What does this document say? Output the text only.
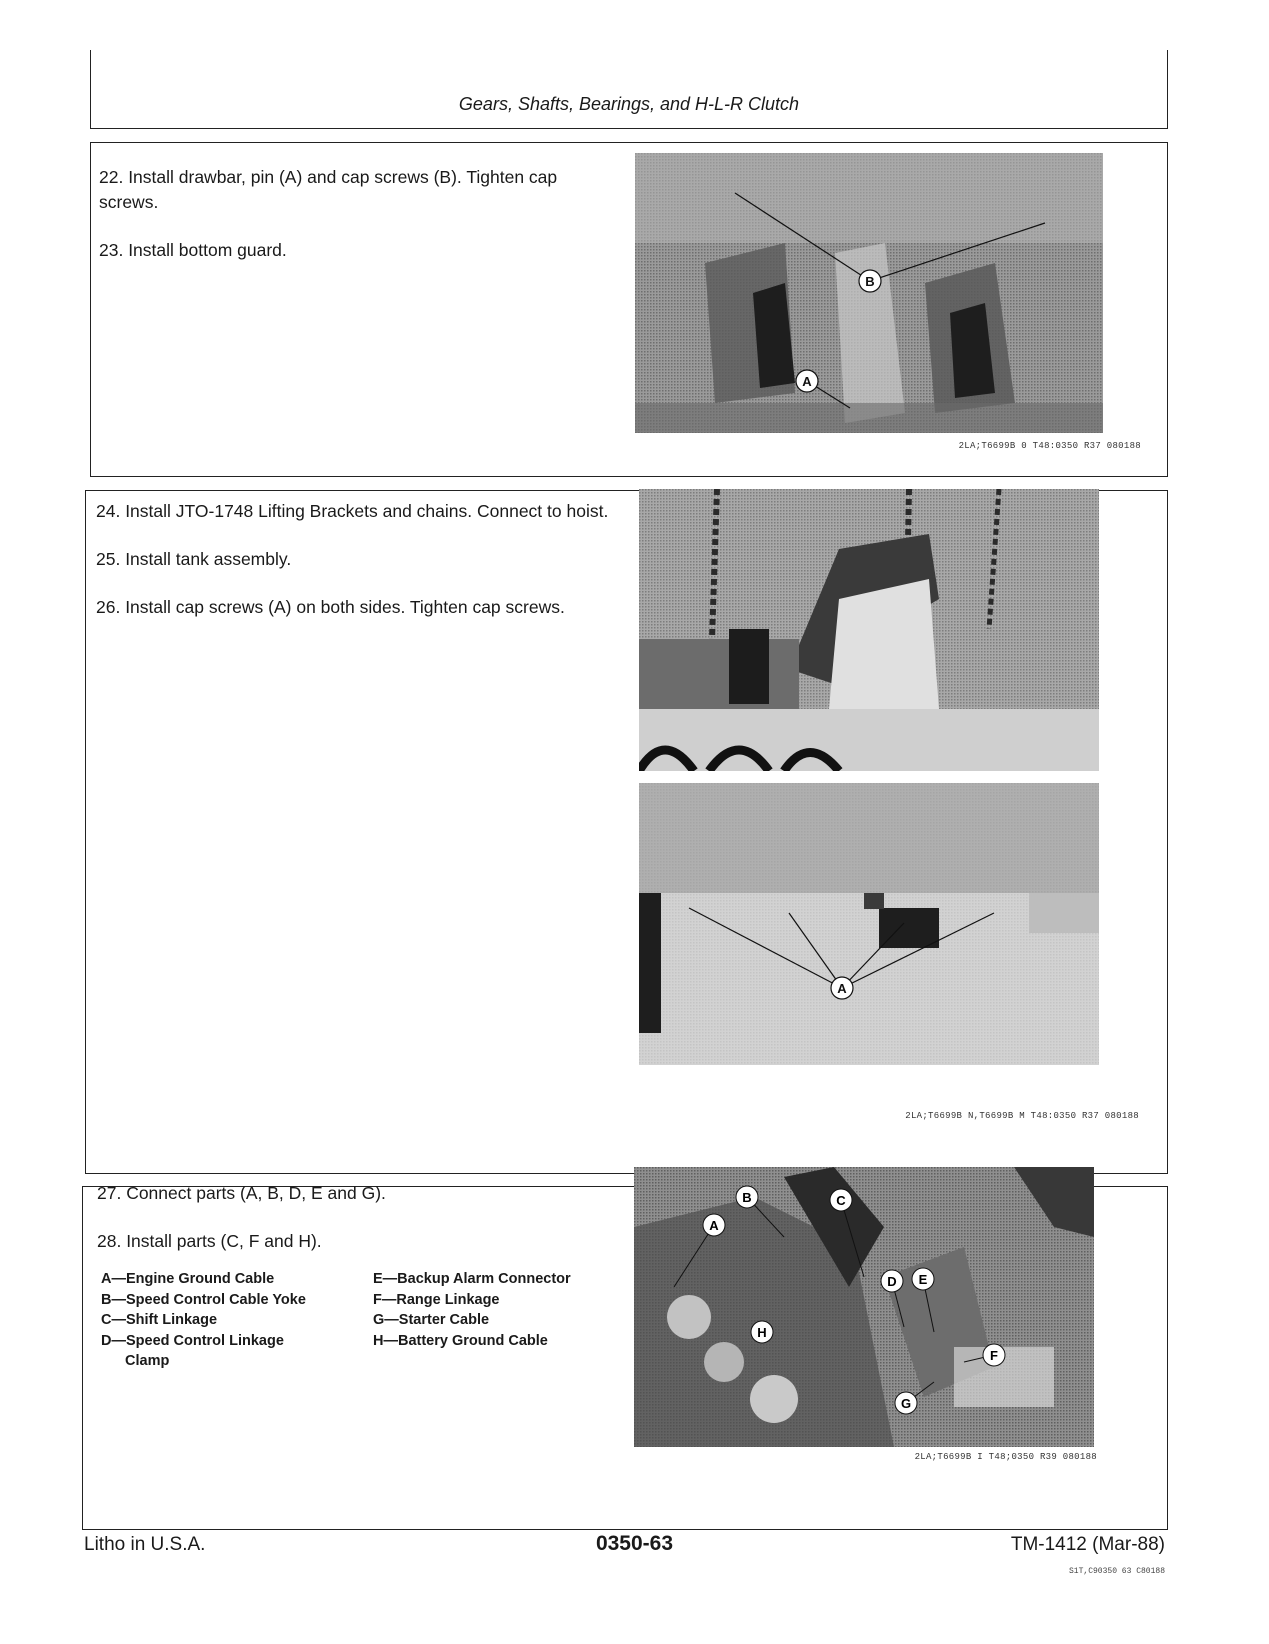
Gears, Shafts, Bearings, and H-L-R Clutch
22. Install drawbar, pin (A) and cap screws (B). Tighten cap screws.
23. Install bottom guard.
B
A
2LA;T6699B 0 T48:0350 R37 080188
24. Install JTO-1748 Lifting Brackets and chains. Connect to hoist.
25. Install tank assembly.
26. Install cap screws (A) on both sides. Tighten cap screws.
A
2LA;T6699B N,T6699B M T48:0350 R37 080188
27. Connect parts (A, B, D, E and G).
28. Install parts (C, F and H).
A—Engine Ground Cable
B—Speed Control Cable Yoke
C—Shift Linkage
D—Speed Control Linkage
Clamp
E—Backup Alarm Connector
F—Range Linkage
G—Starter Cable
H—Battery Ground Cable
A
B	C
D E
F
G
H
2LA;T6699B I T48;0350 R39 080188
Litho in U.S.A.	0350-63	TM-1412 (Mar-88)
S1T,C90350 63 C80188
